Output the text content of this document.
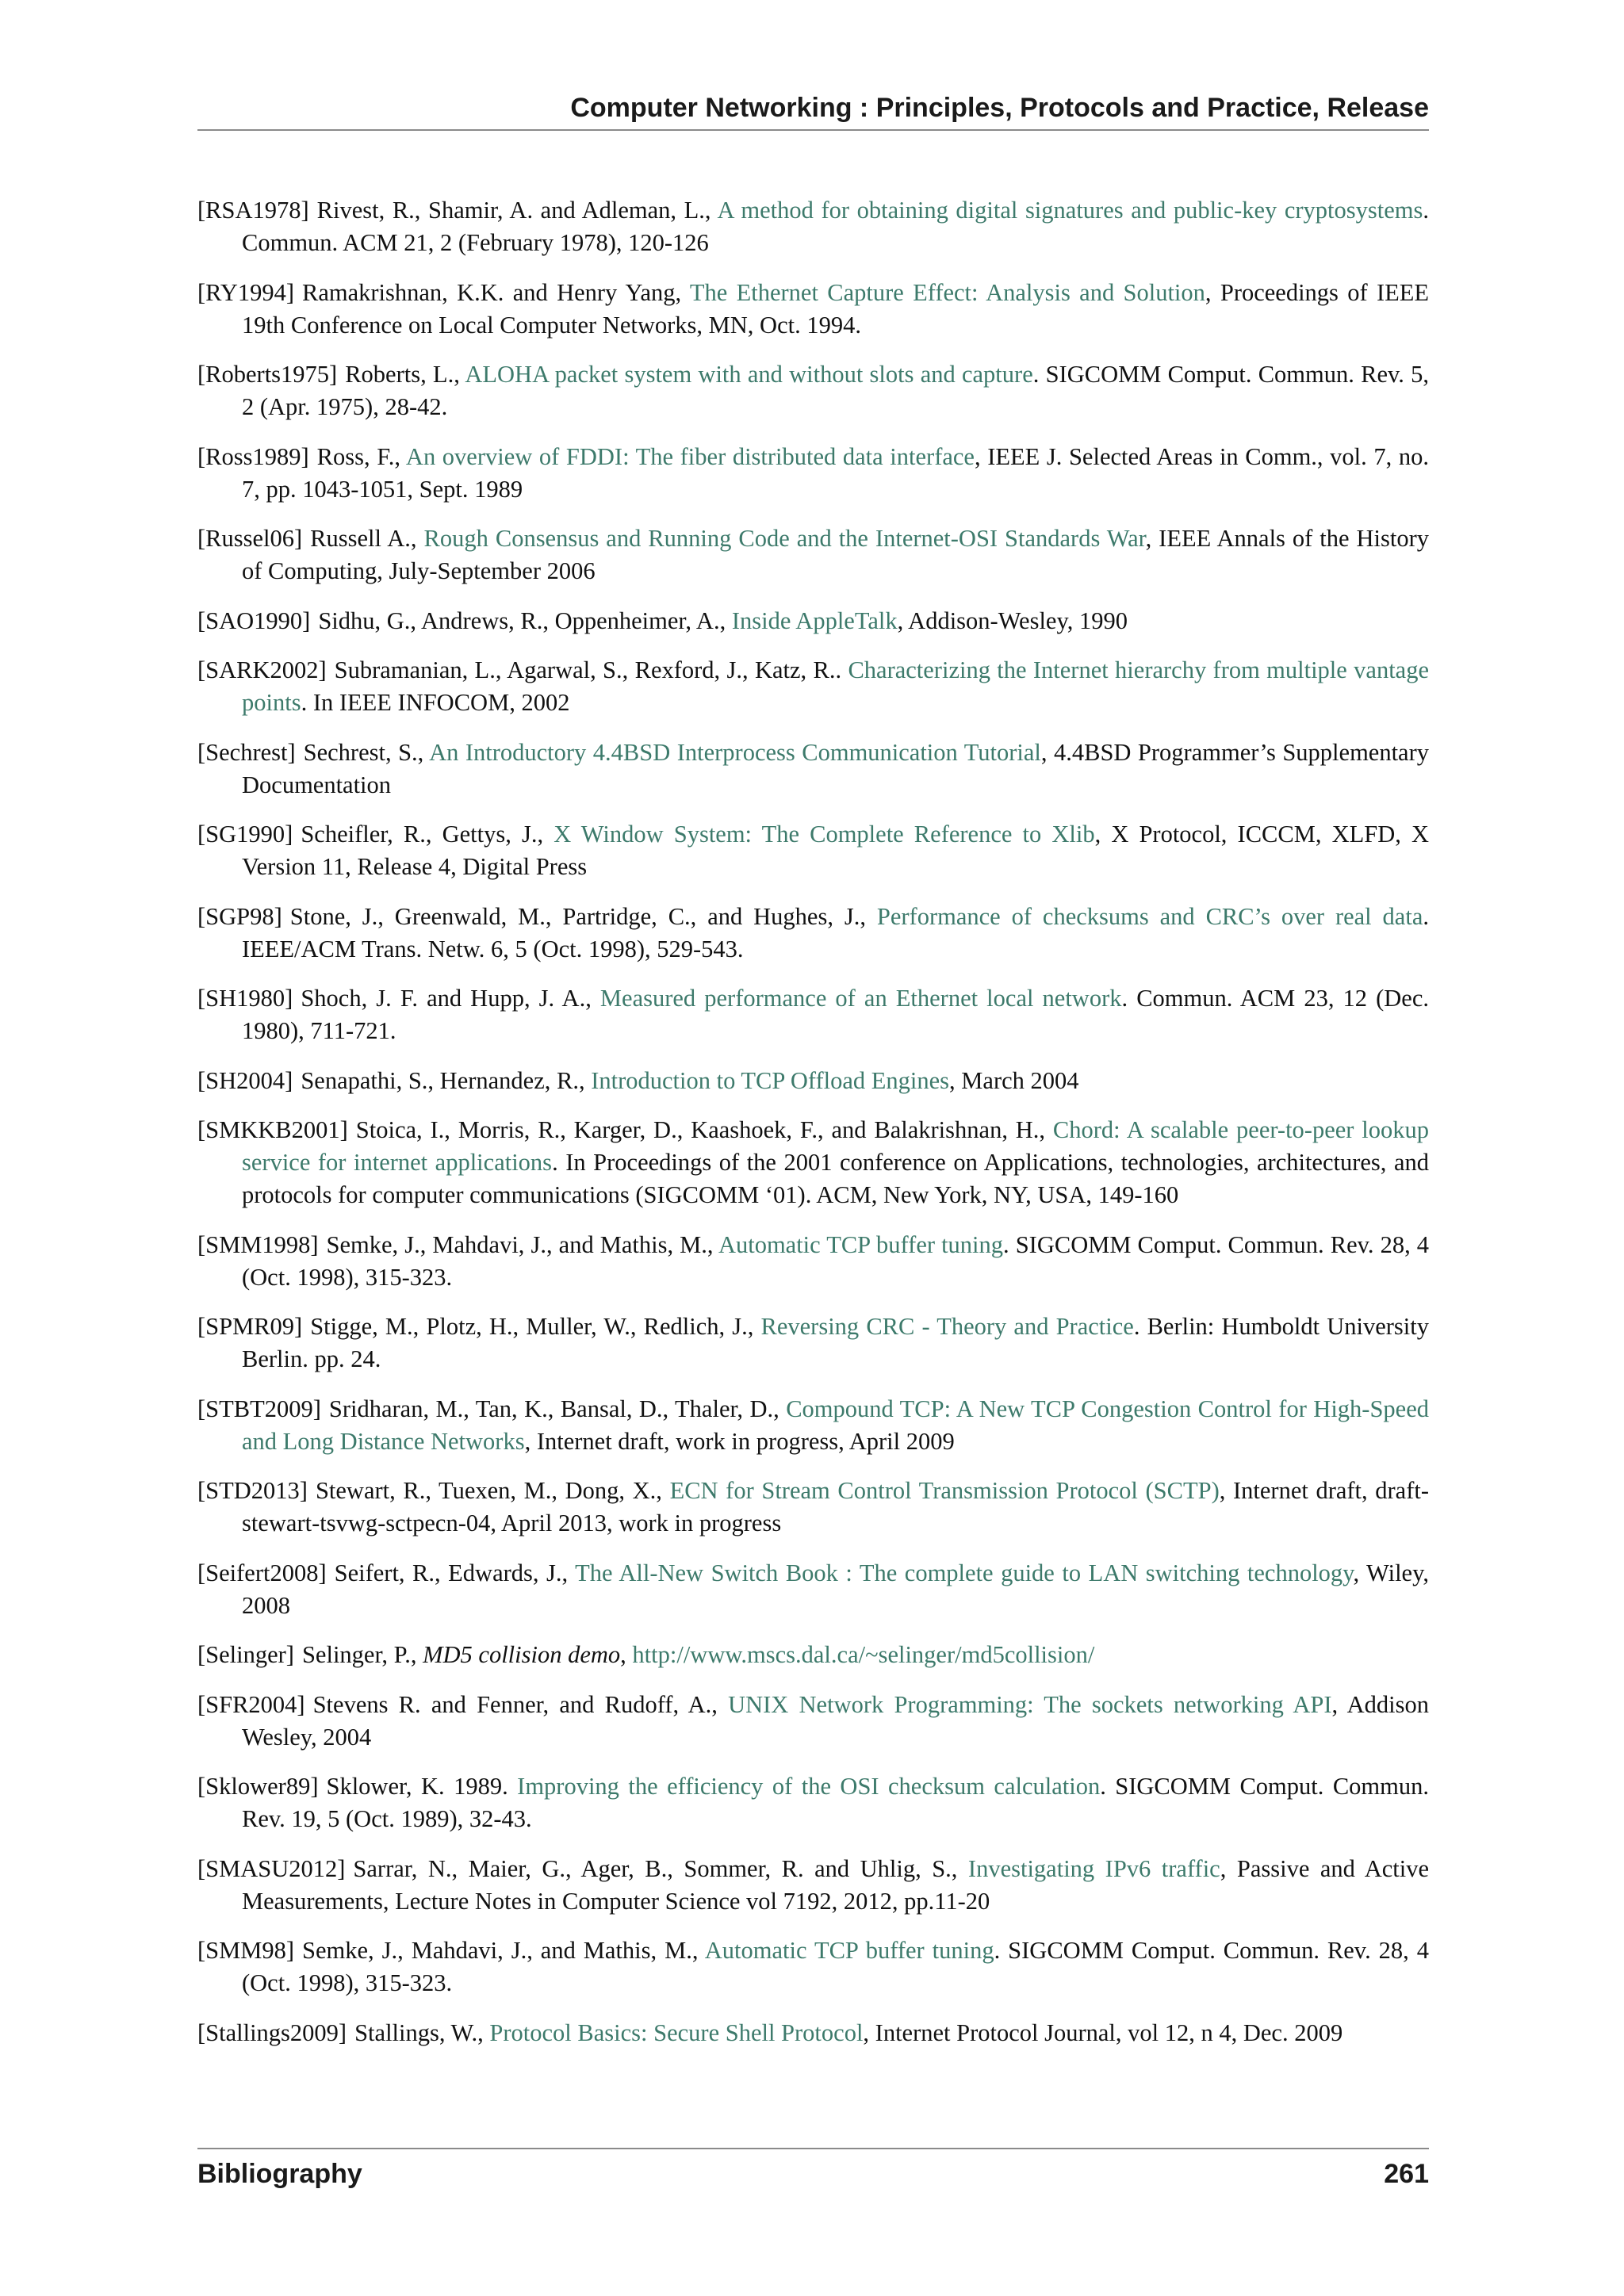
Computer Networking : Principles, Protocols and Practice, Release

[RSA1978] Rivest, R., Shamir, A. and Adleman, L., A method for obtaining digital signatures and public-key cryptosystems. Commun. ACM 21, 2 (February 1978), 120-126

[RY1994] Ramakrishnan, K.K. and Henry Yang, The Ethernet Capture Effect: Analysis and Solution, Proceedings of IEEE 19th Conference on Local Computer Networks, MN, Oct. 1994.

[Roberts1975] Roberts, L., ALOHA packet system with and without slots and capture. SIGCOMM Comput. Commun. Rev. 5, 2 (Apr. 1975), 28-42.

[Ross1989] Ross, F., An overview of FDDI: The fiber distributed data interface, IEEE J. Selected Areas in Comm., vol. 7, no. 7, pp. 1043-1051, Sept. 1989

[Russel06] Russell A., Rough Consensus and Running Code and the Internet-OSI Standards War, IEEE Annals of the History of Computing, July-September 2006

[SAO1990] Sidhu, G., Andrews, R., Oppenheimer, A., Inside AppleTalk, Addison-Wesley, 1990

[SARK2002] Subramanian, L., Agarwal, S., Rexford, J., Katz, R.. Characterizing the Internet hierarchy from multiple vantage points. In IEEE INFOCOM, 2002

[Sechrest] Sechrest, S., An Introductory 4.4BSD Interprocess Communication Tutorial, 4.4BSD Programmer’s Supplementary Documentation

[SG1990] Scheifler, R., Gettys, J., X Window System: The Complete Reference to Xlib, X Protocol, ICCCM, XLFD, X Version 11, Release 4, Digital Press

[SGP98] Stone, J., Greenwald, M., Partridge, C., and Hughes, J., Performance of checksums and CRC’s over real data. IEEE/ACM Trans. Netw. 6, 5 (Oct. 1998), 529-543.

[SH1980] Shoch, J. F. and Hupp, J. A., Measured performance of an Ethernet local network. Commun. ACM 23, 12 (Dec. 1980), 711-721.

[SH2004] Senapathi, S., Hernandez, R., Introduction to TCP Offload Engines, March 2004

[SMKKB2001] Stoica, I., Morris, R., Karger, D., Kaashoek, F., and Balakrishnan, H., Chord: A scalable peer-to-peer lookup service for internet applications. In Proceedings of the 2001 conference on Applications, technologies, architectures, and protocols for computer communications (SIGCOMM ‘01). ACM, New York, NY, USA, 149-160

[SMM1998] Semke, J., Mahdavi, J., and Mathis, M., Automatic TCP buffer tuning. SIGCOMM Comput. Commun. Rev. 28, 4 (Oct. 1998), 315-323.

[SPMR09] Stigge, M., Plotz, H., Muller, W., Redlich, J., Reversing CRC - Theory and Practice. Berlin: Humboldt University Berlin. pp. 24.

[STBT2009] Sridharan, M., Tan, K., Bansal, D., Thaler, D., Compound TCP: A New TCP Congestion Control for High-Speed and Long Distance Networks, Internet draft, work in progress, April 2009

[STD2013] Stewart, R., Tuexen, M., Dong, X., ECN for Stream Control Transmission Protocol (SCTP), Internet draft, draft-stewart-tsvwg-sctpecn-04, April 2013, work in progress

[Seifert2008] Seifert, R., Edwards, J., The All-New Switch Book : The complete guide to LAN switching technology, Wiley, 2008

[Selinger] Selinger, P., MD5 collision demo, http://www.mscs.dal.ca/~selinger/md5collision/

[SFR2004] Stevens R. and Fenner, and Rudoff, A., UNIX Network Programming: The sockets networking API, Addison Wesley, 2004

[Sklower89] Sklower, K. 1989. Improving the efficiency of the OSI checksum calculation. SIGCOMM Comput. Commun. Rev. 19, 5 (Oct. 1989), 32-43.

[SMASU2012] Sarrar, N., Maier, G., Ager, B., Sommer, R. and Uhlig, S., Investigating IPv6 traffic, Passive and Active Measurements, Lecture Notes in Computer Science vol 7192, 2012, pp.11-20

[SMM98] Semke, J., Mahdavi, J., and Mathis, M., Automatic TCP buffer tuning. SIGCOMM Comput. Commun. Rev. 28, 4 (Oct. 1998), 315-323.

[Stallings2009] Stallings, W., Protocol Basics: Secure Shell Protocol, Internet Protocol Journal, vol 12, n 4, Dec. 2009

Bibliography	261
